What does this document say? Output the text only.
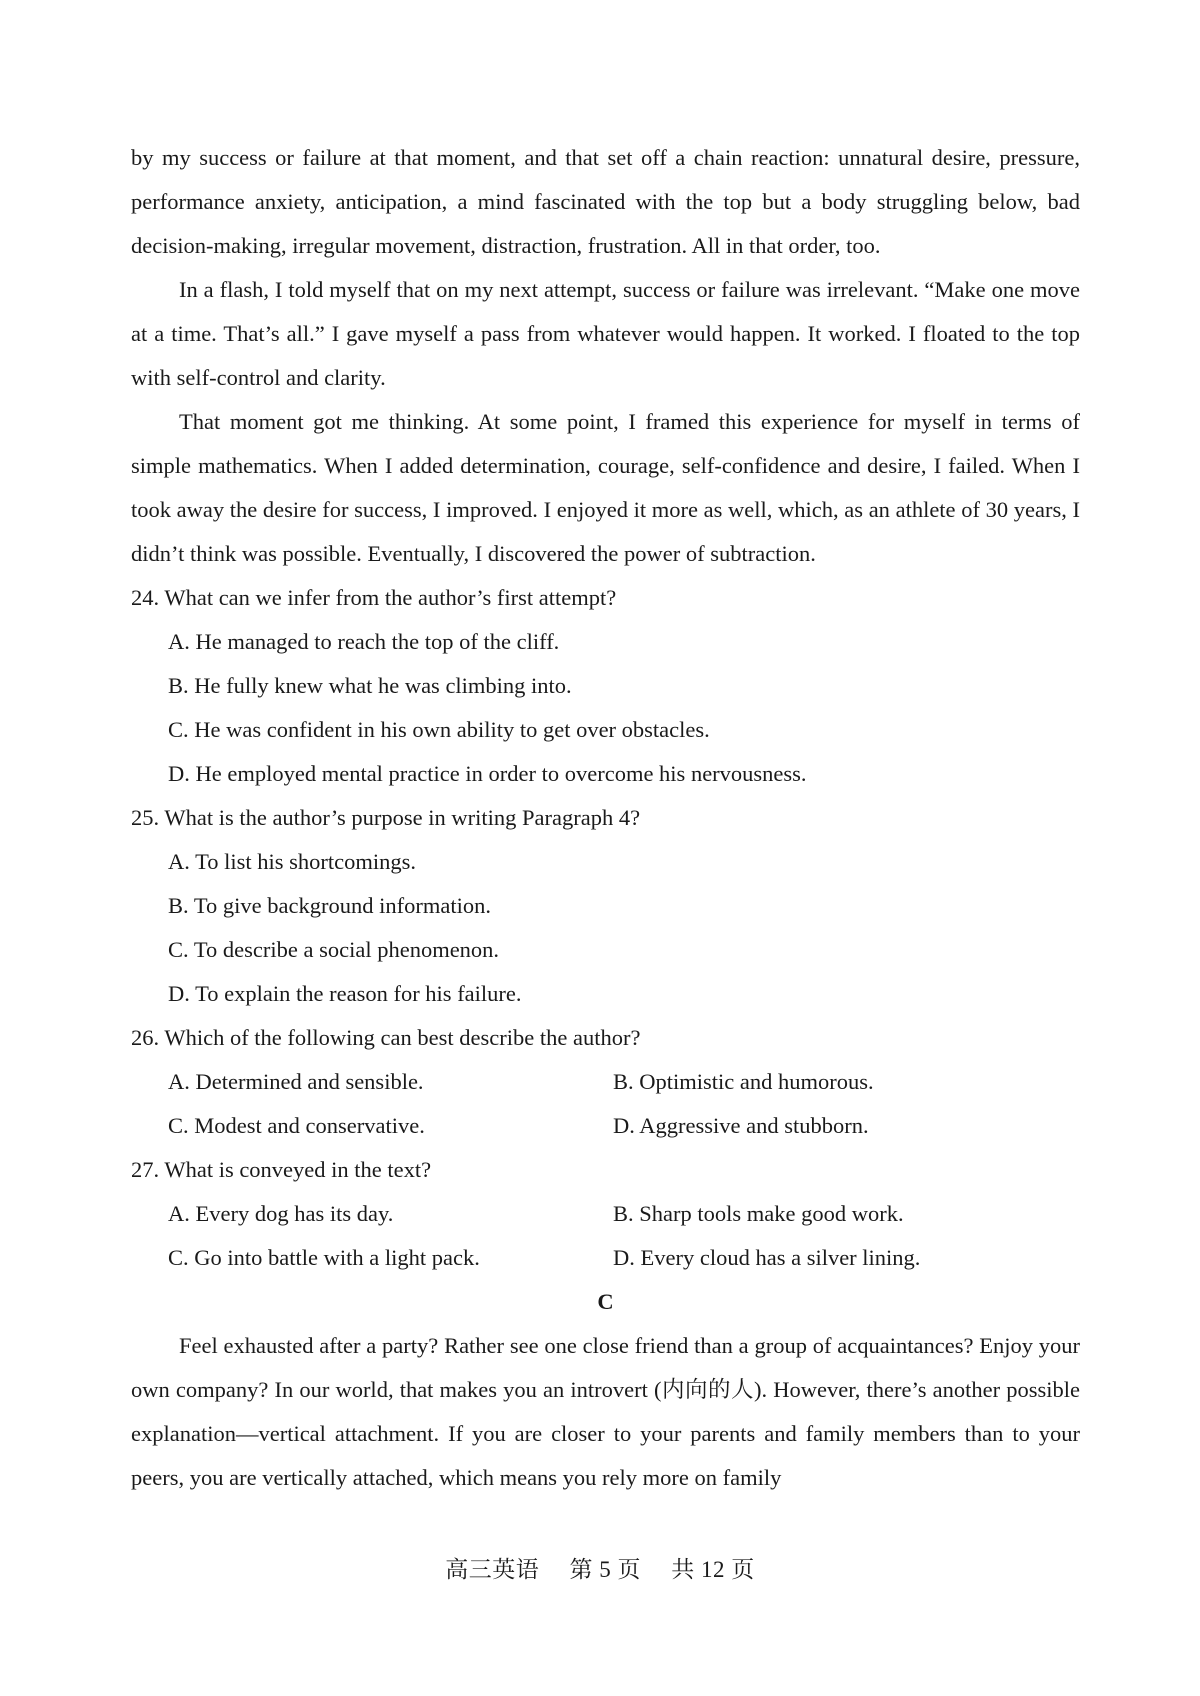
by my success or failure at that moment, and that set off a chain reaction: unnatural desire, pressure, performance anxiety, anticipation, a mind fascinated with the top but a body struggling below, bad decision-making, irregular movement, distraction, frustration. All in that order, too.

In a flash, I told myself that on my next attempt, success or failure was irrelevant. “Make one move at a time. That’s all.” I gave myself a pass from whatever would happen. It worked. I floated to the top with self-control and clarity.

That moment got me thinking. At some point, I framed this experience for myself in terms of simple mathematics. When I added determination, courage, self-confidence and desire, I failed. When I took away the desire for success, I improved. I enjoyed it more as well, which, as an athlete of 30 years, I didn’t think was possible. Eventually, I discovered the power of subtraction.

24. What can we infer from the author’s first attempt?

A. He managed to reach the top of the cliff.

B. He fully knew what he was climbing into.

C. He was confident in his own ability to get over obstacles.

D. He employed mental practice in order to overcome his nervousness.

25. What is the author’s purpose in writing Paragraph 4?

A. To list his shortcomings.

B. To give background information.

C. To describe a social phenomenon.

D. To explain the reason for his failure.

26. Which of the following can best describe the author?

A. Determined and sensible.	B. Optimistic and humorous.
C. Modest and conservative.	D. Aggressive and stubborn.

27. What is conveyed in the text?

A. Every dog has its day.	B. Sharp tools make good work.
C. Go into battle with a light pack.	D. Every cloud has a silver lining.

C

Feel exhausted after a party? Rather see one close friend than a group of acquaintances? Enjoy your own company? In our world, that makes you an introvert (内向的人). However, there’s another possible explanation—vertical attachment. If you are closer to your parents and family members than to your peers, you are vertically attached, which means you rely more on family

高三英语 第 5 页 共 12 页
